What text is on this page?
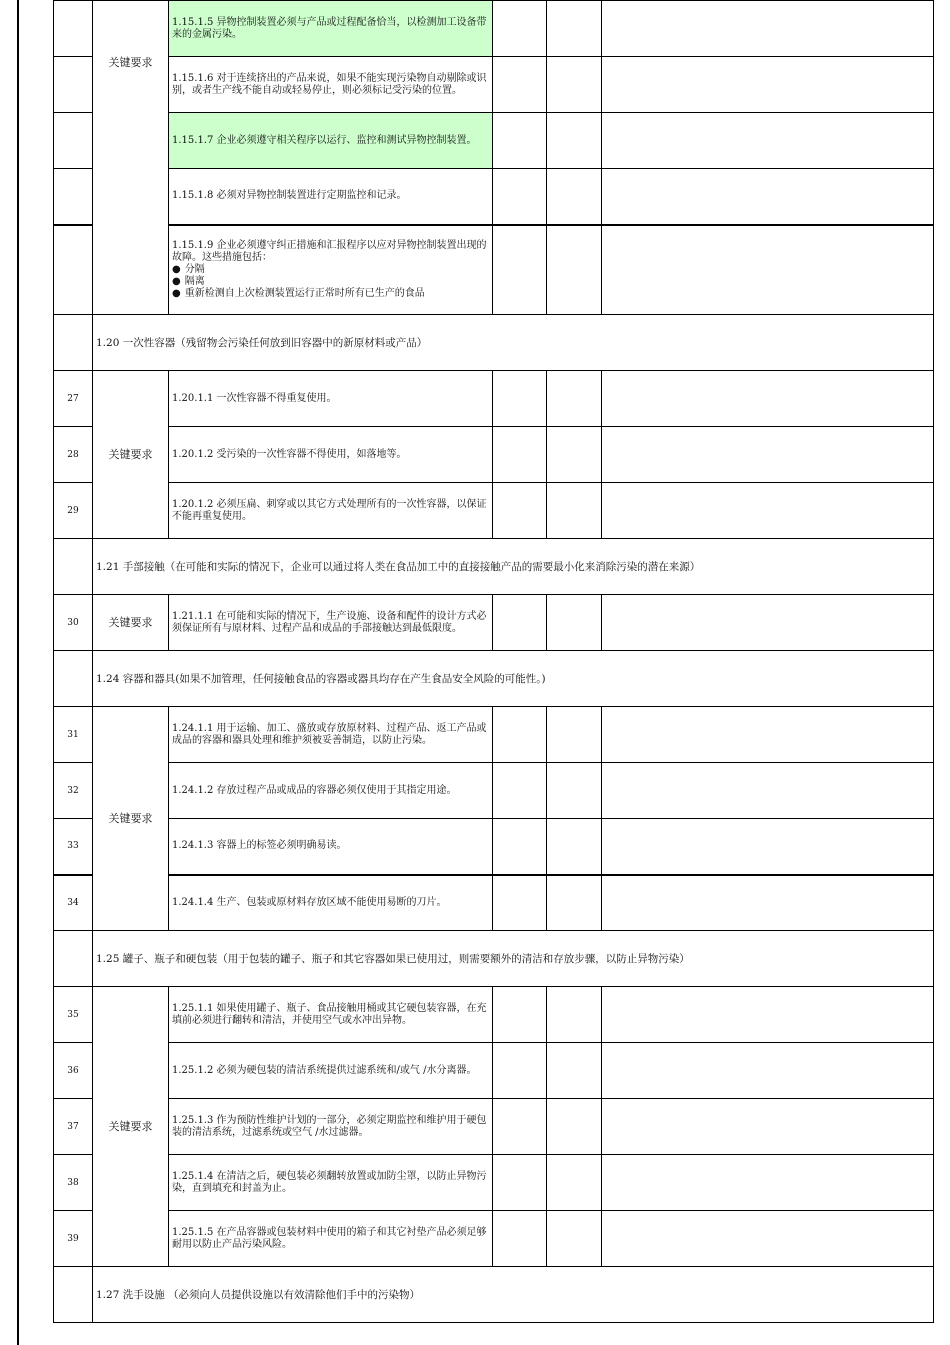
	关键要求	1.15.1.5 异物控制装置必须与产品或过程配备恰当，以检测加工设备带来的金属污染。			
		1.15.1.6 对于连续挤出的产品来说，如果不能实现污染物自动剔除或识别，或者生产线不能自动或轻易停止，则必须标记受污染的位置。			
		1.15.1.7 企业必须遵守相关程序以运行、监控和测试异物控制装置。			
		1.15.1.8 必须对异物控制装置进行定期监控和记录。			

		1.15.1.9 企业必须遵守纠正措施和汇报程序以应对异物控制装置出现的故障。这些措施包括：
● 分隔
● 隔离
● 重新检测自上次检测装置运行正常时所有已生产的食品			

	1.20 一次性容器（残留物会污染任何放到旧容器中的新原材料或产品）				
27	关键要求	1.20.1.1 一次性容器不得重复使用。			
28		1.20.1.2 受污染的一次性容器不得使用，如落地等。			
29		1.20.1.2 必须压扁、刺穿或以其它方式处理所有的一次性容器，以保证不能再重复使用。			
	1.21 手部接触（在可能和实际的情况下，企业可以通过将人类在食品加工中的直接接触产品的需要最小化来消除污染的潜在来源）				
30	关键要求	1.21.1.1 在可能和实际的情况下，生产设施、设备和配件的设计方式必须保证所有与原材料、过程产品和成品的手部接触达到最低限度。			
	1.24 容器和器具(如果不加管理，任何接触食品的容器或器具均存在产生食品安全风险的可能性。)				
31	关键要求	1.24.1.1 用于运输、加工、盛放或存放原材料、过程产品、返工产品或成品的容器和器具处理和维护须被妥善制造，以防止污染。			
32		1.24.1.2 存放过程产品或成品的容器必须仅使用于其指定用途。			
33		1.24.1.3 容器上的标签必须明确易读。			
34		1.24.1.4 生产、包装或原材料存放区域不能使用易断的刀片。			
	1.25 罐子、瓶子和硬包装（用于包装的罐子、瓶子和其它容器如果已使用过，则需要额外的清洁和存放步骤，以防止异物污染）				
35	关键要求	1.25.1.1 如果使用罐子、瓶子、食品接触用桶或其它硬包装容器，在充填前必须进行翻转和清洁，并使用空气或水冲出异物。			
36		1.25.1.2 必须为硬包装的清洁系统提供过滤系统和/或气 /水分离器。			
37		1.25.1.3 作为预防性维护计划的一部分，必须定期监控和维护用于硬包装的清洁系统，过滤系统或空气 /水过滤器。			
38		1.25.1.4 在清洁之后，硬包装必须翻转放置或加防尘罩，以防止异物污染，直到填充和封盖为止。			
39		1.25.1.5 在产品容器或包装材料中使用的箱子和其它衬垫产品必须足够耐用以防止产品污染风险。			
	1.27 洗手设施 （必须向人员提供设施以有效清除他们手中的污染物）				
